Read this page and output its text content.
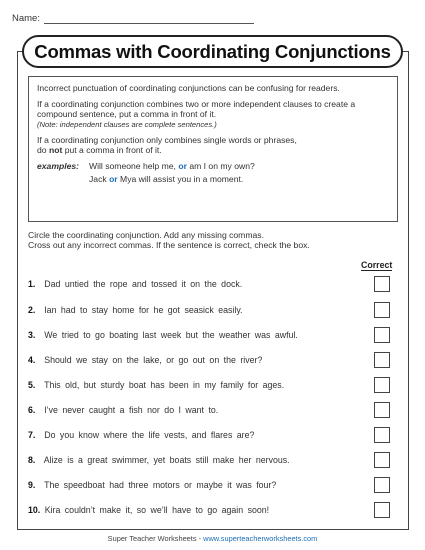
Name:
Commas with Coordinating Conjunctions

Incorrect punctuation of coordinating conjunctions can be confusing for readers.

If a coordinating conjunction combines two or more independent clauses to create a compound sentence, put a comma in front of it.
(Note: independent clauses are complete sentences.)

If a coordinating conjunction only combines single words or phrases,
do not put a comma in front of it.

examples:	Will someone help me, or am I on my own?
Jack or Mya will assist you in a moment.
Circle the coordinating conjunction. Add any missing commas.
Cross out any incorrect commas. If the sentence is correct, check the box.
Correct
1. Dad untied the rope and tossed it on the dock.
2. Ian had to stay home for he got seasick easily.
3. We tried to go boating last week but the weather was awful.
4. Should we stay on the lake, or go out on the river?
5. This old, but sturdy boat has been in my family for ages.
6. I’ve never caught a fish nor do I want to.
7. Do you know where the life vests, and flares are?
8. Alize is a great swimmer, yet boats still make her nervous.
9. The speedboat had three motors or maybe it was four?
10. Kira couldn’t make it, so we’ll have to go again soon!
Super Teacher Worksheets - www.superteacherworksheets.com
